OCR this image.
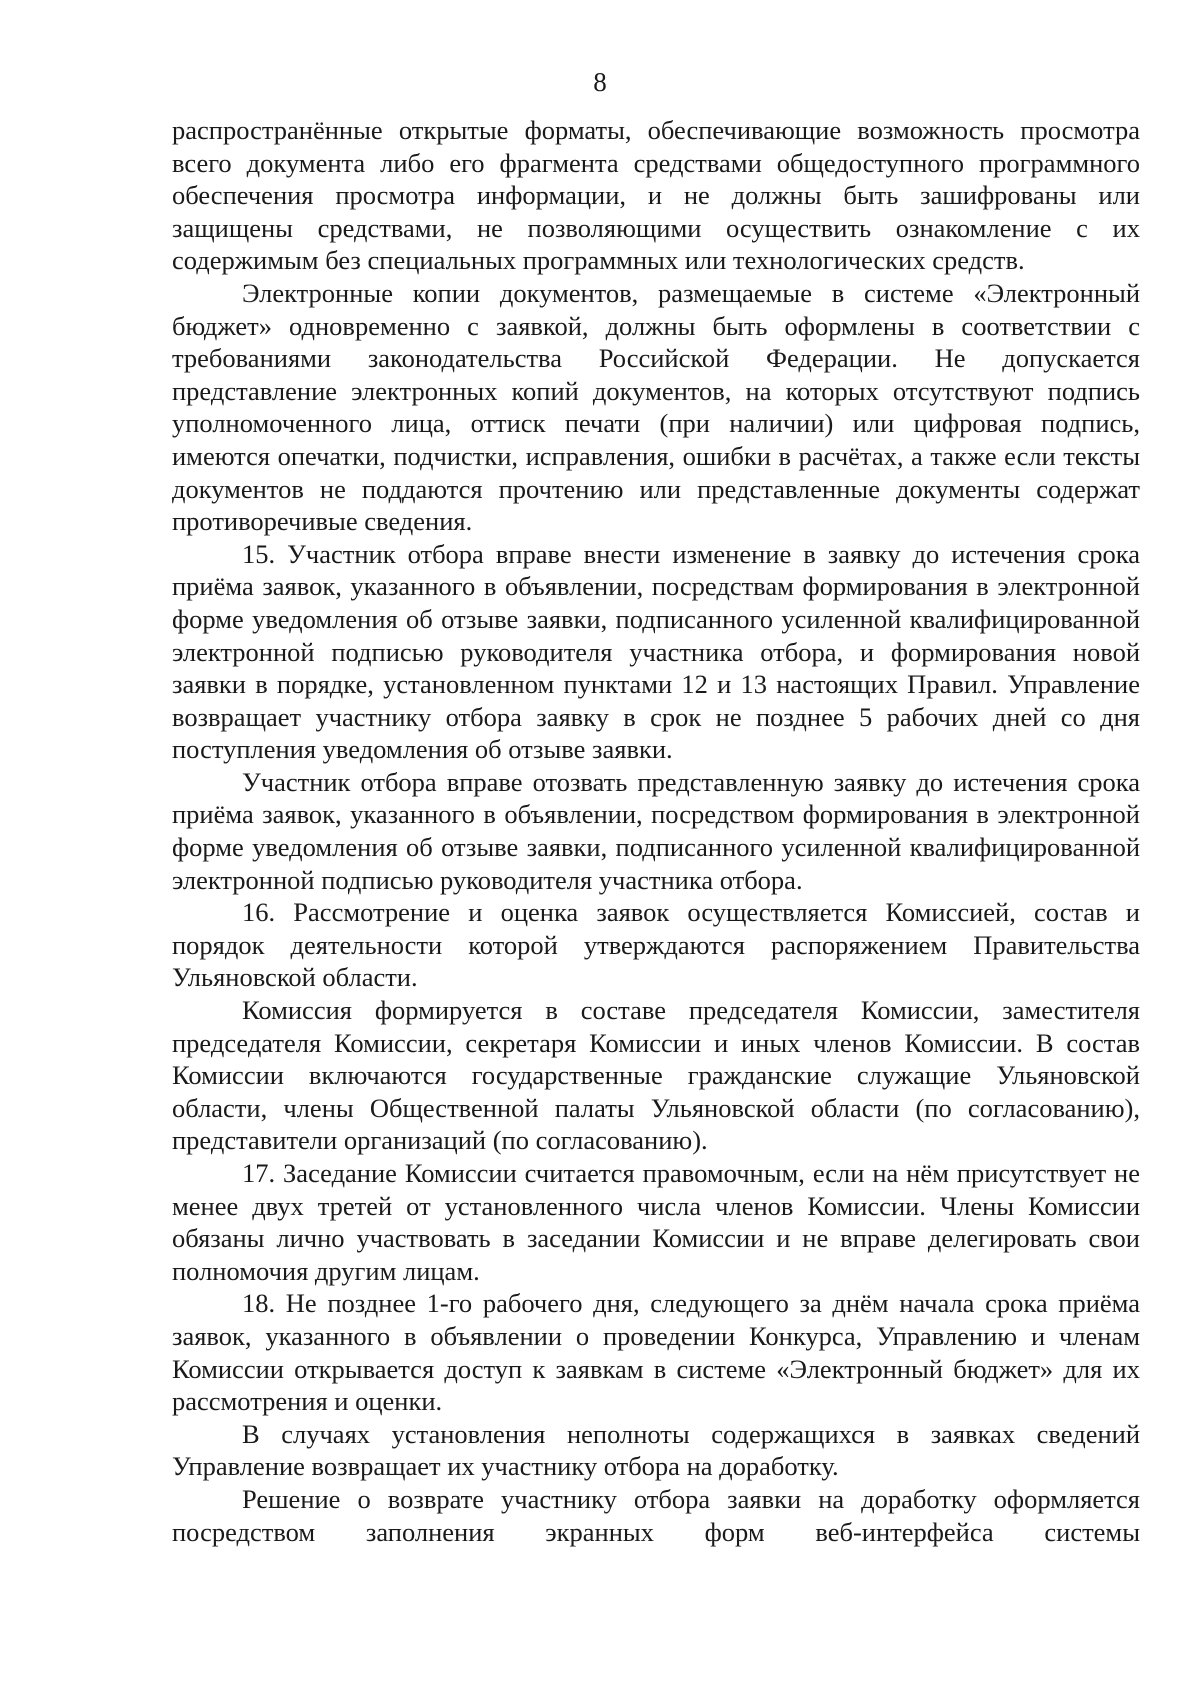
8

распространённые открытые форматы, обеспечивающие возможность просмотра всего документа либо его фрагмента средствами общедоступного программного обеспечения просмотра информации, и не должны быть зашифрованы или защищены средствами, не позволяющими осуществить ознакомление с их содержимым без специальных программных или технологических средств.

Электронные копии документов, размещаемые в системе «Электронный бюджет» одновременно с заявкой, должны быть оформлены в соответствии с требованиями законодательства Российской Федерации. Не допускается представление электронных копий документов, на которых отсутствуют подпись уполномоченного лица, оттиск печати (при наличии) или цифровая подпись, имеются опечатки, подчистки, исправления, ошибки в расчётах, а также если тексты документов не поддаются прочтению или представленные документы содержат противоречивые сведения.

15. Участник отбора вправе внести изменение в заявку до истечения срока приёма заявок, указанного в объявлении, посредствам формирования в электронной форме уведомления об отзыве заявки, подписанного усиленной квалифицированной электронной подписью руководителя участника отбора, и формирования новой заявки в порядке, установленном пунктами 12 и 13 настоящих Правил. Управление возвращает участнику отбора заявку в срок не позднее 5 рабочих дней со дня поступления уведомления об отзыве заявки.

Участник отбора вправе отозвать представленную заявку до истечения срока приёма заявок, указанного в объявлении, посредством формирования в электронной форме уведомления об отзыве заявки, подписанного усиленной квалифицированной электронной подписью руководителя участника отбора.

16. Рассмотрение и оценка заявок осуществляется Комиссией, состав и порядок деятельности которой утверждаются распоряжением Правительства Ульяновской области.

Комиссия формируется в составе председателя Комиссии, заместителя председателя Комиссии, секретаря Комиссии и иных членов Комиссии. В состав Комиссии включаются государственные гражданские служащие Ульяновской области, члены Общественной палаты Ульяновской области (по согласованию), представители организаций (по согласованию).

17. Заседание Комиссии считается правомочным, если на нём присутствует не менее двух третей от установленного числа членов Комиссии. Члены Комиссии обязаны лично участвовать в заседании Комиссии и не вправе делегировать свои полномочия другим лицам.

18. Не позднее 1-го рабочего дня, следующего за днём начала срока приёма заявок, указанного в объявлении о проведении Конкурса, Управлению и членам Комиссии открывается доступ к заявкам в системе «Электронный бюджет» для их рассмотрения и оценки.

В случаях установления неполноты содержащихся в заявках сведений Управление возвращает их участнику отбора на доработку.

Решение о возврате участнику отбора заявки на доработку оформляется посредством заполнения экранных форм веб-интерфейса системы
